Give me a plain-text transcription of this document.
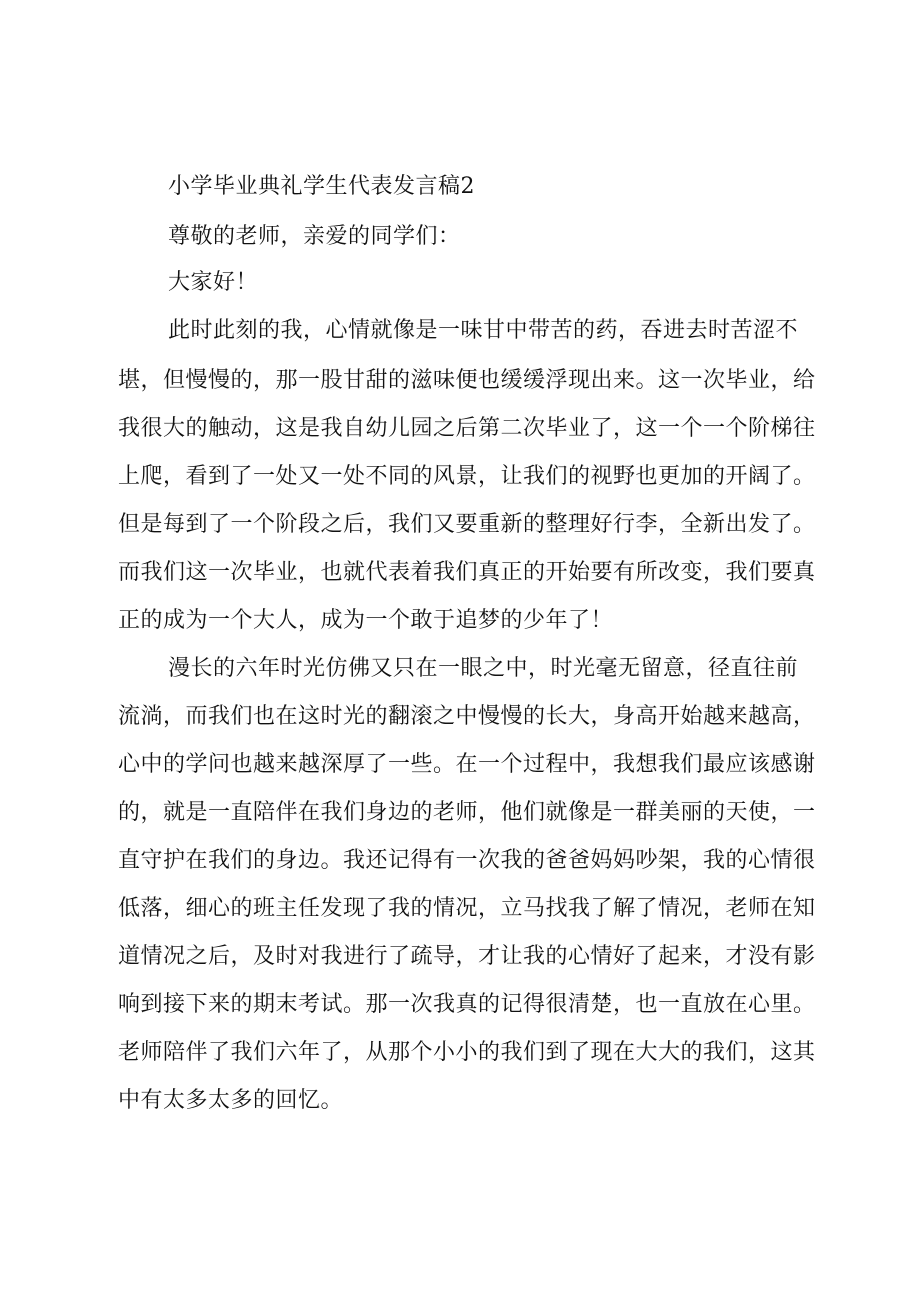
小学毕业典礼学生代表发言稿2
尊敬的老师，亲爱的同学们：
大家好！
此时此刻的我，心情就像是一味甘中带苦的药，吞进去时苦涩不
堪，但慢慢的，那一股甘甜的滋味便也缓缓浮现出来。这一次毕业，给
我很大的触动，这是我自幼儿园之后第二次毕业了，这一个一个阶梯往
上爬，看到了一处又一处不同的风景，让我们的视野也更加的开阔了。
但是每到了一个阶段之后，我们又要重新的整理好行李，全新出发了。
而我们这一次毕业，也就代表着我们真正的开始要有所改变，我们要真
正的成为一个大人，成为一个敢于追梦的少年了！
漫长的六年时光仿佛又只在一眼之中，时光毫无留意，径直往前
流淌，而我们也在这时光的翻滚之中慢慢的长大，身高开始越来越高，
心中的学问也越来越深厚了一些。在一个过程中，我想我们最应该感谢
的，就是一直陪伴在我们身边的老师，他们就像是一群美丽的天使，一
直守护在我们的身边。我还记得有一次我的爸爸妈妈吵架，我的心情很
低落，细心的班主任发现了我的情况，立马找我了解了情况，老师在知
道情况之后，及时对我进行了疏导，才让我的心情好了起来，才没有影
响到接下来的期末考试。那一次我真的记得很清楚，也一直放在心里。
老师陪伴了我们六年了，从那个小小的我们到了现在大大的我们，这其
中有太多太多的回忆。
